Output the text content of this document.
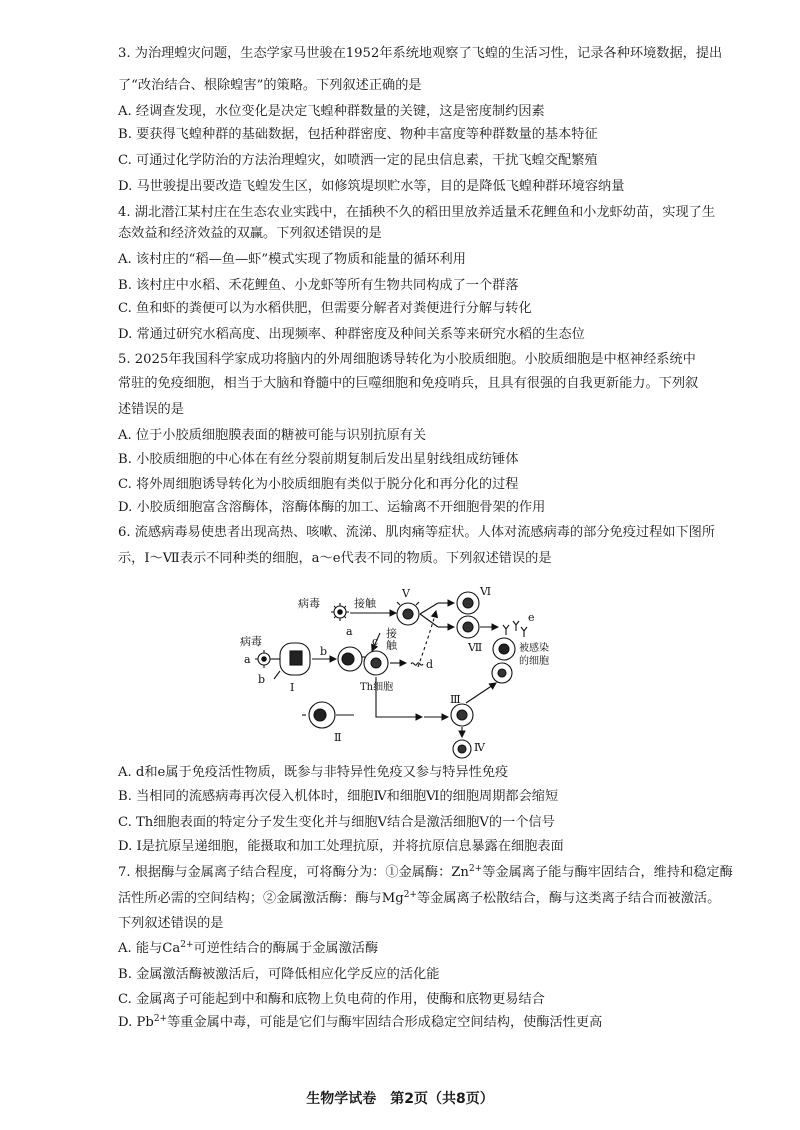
3. 为治理蝗灾问题，生态学家马世骏在1952年系统地观察了飞蝗的生活习性，记录各种环境数据，提出
了“改治结合、根除蝗害”的策略。下列叙述正确的是
A. 经调查发现，水位变化是决定飞蝗种群数量的关键，这是密度制约因素
B. 要获得飞蝗种群的基础数据，包括种群密度、物种丰富度等种群数量的基本特征
C. 可通过化学防治的方法治理蝗灾，如喷洒一定的昆虫信息素，干扰飞蝗交配繁殖
D. 马世骏提出要改造飞蝗发生区，如修筑堤坝贮水等，目的是降低飞蝗种群环境容纳量
4. 湖北潜江某村庄在生态农业实践中，在插秧不久的稻田里放养适量禾花鲤鱼和小龙虾幼苗，实现了生
态效益和经济效益的双赢。下列叙述错误的是
A. 该村庄的“稻—鱼—虾”模式实现了物质和能量的循环利用
B. 该村庄中水稻、禾花鲤鱼、小龙虾等所有生物共同构成了一个群落
C. 鱼和虾的粪便可以为水稻供肥，但需要分解者对粪便进行分解与转化
D. 常通过研究水稻高度、出现频率、种群密度及种间关系等来研究水稻的生态位
5. 2025年我国科学家成功将脑内的外周细胞诱导转化为小胶质细胞。小胶质细胞是中枢神经系统中
常驻的免疫细胞，相当于大脑和脊髓中的巨噬细胞和免疫哨兵，且具有很强的自我更新能力。下列叙
述错误的是
A. 位于小胶质细胞膜表面的糖被可能与识别抗原有关
B. 小胶质细胞的中心体在有丝分裂前期复制后发出星射线组成纺锤体
C. 将外周细胞诱导转化为小胶质细胞有类似于脱分化和再分化的过程
D. 小胶质细胞富含溶酶体，溶酶体酶的加工、运输离不开细胞骨架的作用
6. 流感病毒易使患者出现高热、咳嗽、流涕、肌肉痛等症状。人体对流感病毒的部分免疫过程如下图所
示，Ⅰ～Ⅶ表示不同种类的细胞，a～e代表不同的物质。下列叙述错误的是
病毒	接触
病毒
接
触
Th细胞
被感染
的细胞
Ⅰ
Ⅱ
Ⅲ
Ⅳ
Ⅴ	Ⅵ
Ⅶ
a
a
b
b
c
d
e
A. d和e属于免疫活性物质，既参与非特异性免疫又参与特异性免疫
B. 当相同的流感病毒再次侵入机体时，细胞Ⅳ和细胞Ⅵ的细胞周期都会缩短
C. Th细胞表面的特定分子发生变化并与细胞Ⅴ结合是激活细胞Ⅴ的一个信号
D. Ⅰ是抗原呈递细胞，能摄取和加工处理抗原，并将抗原信息暴露在细胞表面
7. 根据酶与金属离子结合程度，可将酶分为：①金属酶：$Zn^{2+}$等金属离子能与酶牢固结合，维持和稳定酶
活性所必需的空间结构；②金属激活酶：酶与$Mg^{2+}$等金属离子松散结合，酶与这类离子结合而被激活。
下列叙述错误的是
A. 能与$Ca^{2+}$可逆性结合的酶属于金属激活酶
B. 金属激活酶被激活后，可降低相应化学反应的活化能
C. 金属离子可能起到中和酶和底物上负电荷的作用，使酶和底物更易结合
D. $Pb^{2+}$等重金属中毒，可能是它们与酶牢固结合形成稳定空间结构，使酶活性更高
生物学试卷　第2页（共8页）
